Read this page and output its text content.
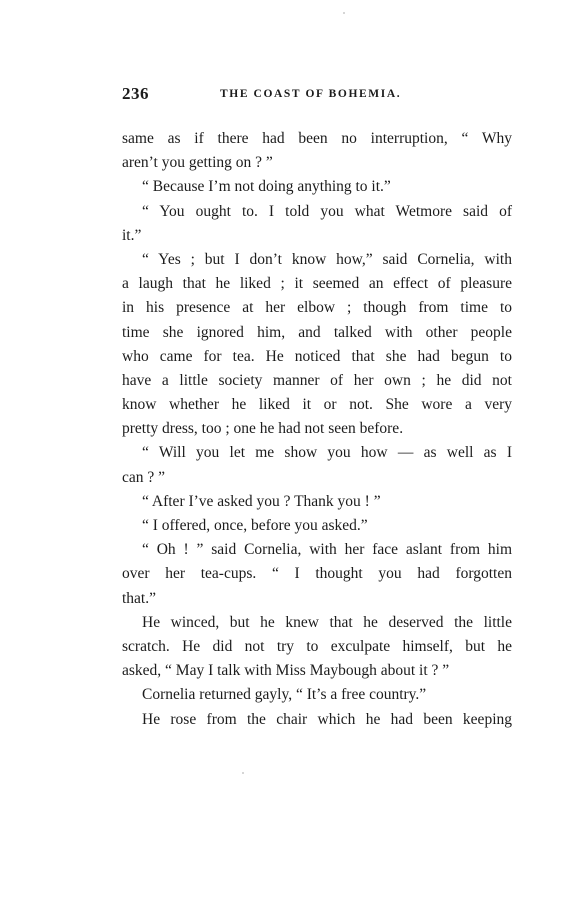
236	THE COAST OF BOHEMIA.
same as if there had been no interruption, “ Why
aren’t you getting on ? ”
“ Because I’m not doing anything to it.”
“ You ought to. I told you what Wetmore said of
it.”
“ Yes ; but I don’t know how,” said Cornelia, with
a laugh that he liked ; it seemed an effect of pleasure
in his presence at her elbow ; though from time to
time she ignored him, and talked with other people
who came for tea. He noticed that she had begun to
have a little society manner of her own ; he did not
know whether he liked it or not. She wore a very
pretty dress, too ; one he had not seen before.
“ Will you let me show you how — as well as I
can ? ”
“ After I’ve asked you ? Thank you ! ”
“ I offered, once, before you asked.”
“ Oh ! ” said Cornelia, with her face aslant from him
over her tea-cups. “ I thought you had forgotten
that.”
He winced, but he knew that he deserved the little
scratch. He did not try to exculpate himself, but he
asked, “ May I talk with Miss Maybough about it ? ”
Cornelia returned gayly, “ It’s a free country.”
He rose from the chair which he had been keeping
